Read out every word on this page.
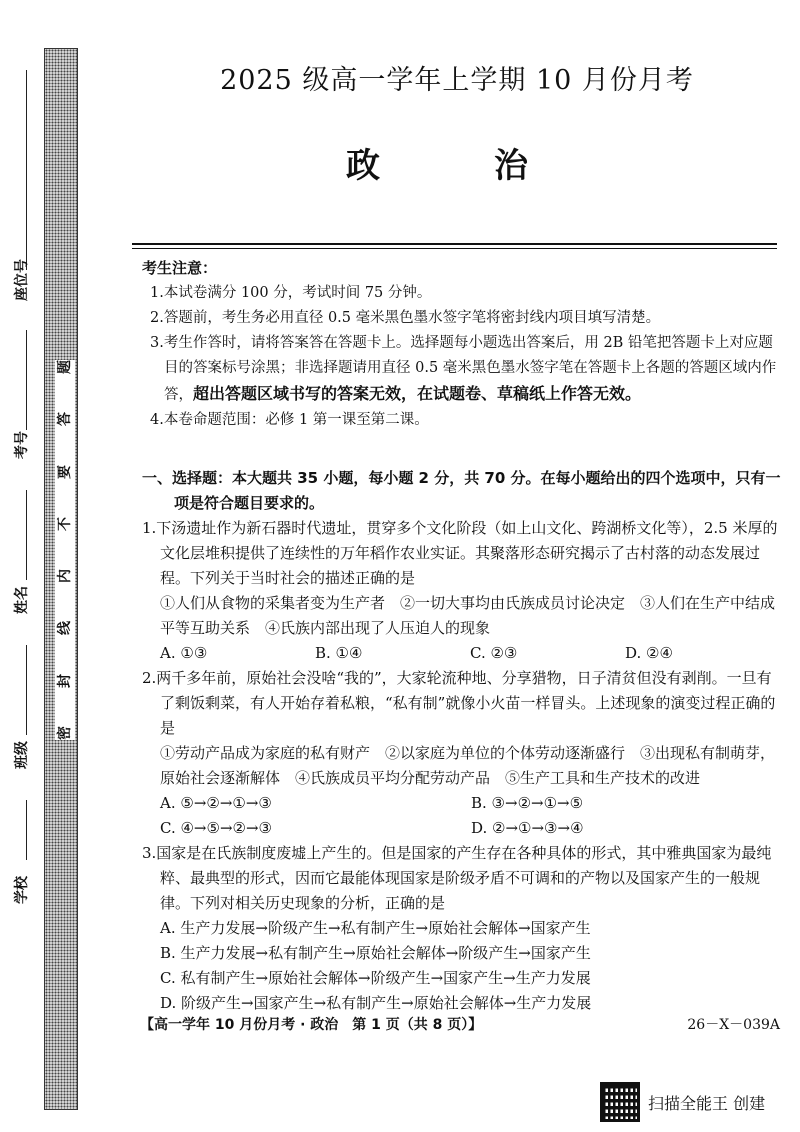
座位号
考号
姓名
班级
学校
题
答
要
不
内
线
封
密
2025 级高一学年上学期 10 月份月考
政　治
考生注意：
1.本试卷满分 100 分，考试时间 75 分钟。
2.答题前，考生务必用直径 0.5 毫米黑色墨水签字笔将密封线内项目填写清楚。
3.考生作答时，请将答案答在答题卡上。选择题每小题选出答案后，用 2B 铅笔把答题卡上对应题目的答案标号涂黑；非选择题请用直径 0.5 毫米黑色墨水签字笔在答题卡上各题的答题区域内作答，超出答题区域书写的答案无效，在试题卷、草稿纸上作答无效。
4.本卷命题范围：必修 1 第一课至第二课。
一、选择题：本大题共 35 小题，每小题 2 分，共 70 分。在每小题给出的四个选项中，只有一项是符合题目要求的。
1.下汤遗址作为新石器时代遗址，贯穿多个文化阶段（如上山文化、跨湖桥文化等），2.5 米厚的文化层堆积提供了连续性的万年稻作农业实证。其聚落形态研究揭示了古村落的动态发展过程。下列关于当时社会的描述正确的是
①人们从食物的采集者变为生产者　②一切大事均由氏族成员讨论决定　③人们在生产中结成平等互助关系　④氏族内部出现了人压迫人的现象
A. ①③	B. ①④	C. ②③	D. ②④
2.两千多年前，原始社会没啥“我的”，大家轮流种地、分享猎物，日子清贫但没有剥削。一旦有了剩饭剩菜，有人开始存着私粮，“私有制”就像小火苗一样冒头。上述现象的演变过程正确的是
①劳动产品成为家庭的私有财产　②以家庭为单位的个体劳动逐渐盛行　③出现私有制萌芽，原始社会逐渐解体　④氏族成员平均分配劳动产品　⑤生产工具和生产技术的改进
A. ⑤→②→①→③	B. ③→②→①→⑤
C. ④→⑤→②→③	D. ②→①→③→④
3.国家是在氏族制度废墟上产生的。但是国家的产生存在各种具体的形式，其中雅典国家为最纯粹、最典型的形式，因而它最能体现国家是阶级矛盾不可调和的产物以及国家产生的一般规律。下列对相关历史现象的分析，正确的是
A. 生产力发展→阶级产生→私有制产生→原始社会解体→国家产生
B. 生产力发展→私有制产生→原始社会解体→阶级产生→国家产生
C. 私有制产生→原始社会解体→阶级产生→国家产生→生产力发展
D. 阶级产生→国家产生→私有制产生→原始社会解体→生产力发展
【高一学年 10 月份月考 · 政治　第 1 页（共 8 页）】	26－X－039A
扫描全能王 创建
